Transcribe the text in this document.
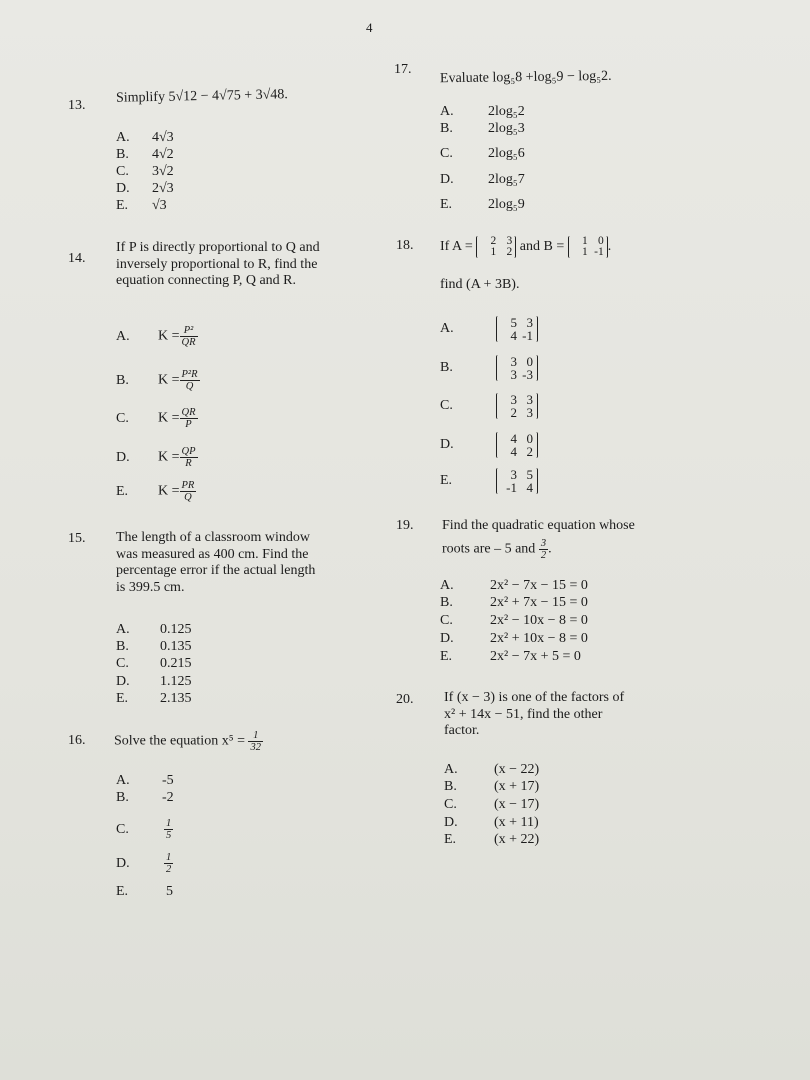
4
13. Simplify 5√12 − 4√75 + 3√48.
A. 4√3
B. 4√2
C. 3√2
D. 2√3
E. √3
14.
If P is directly proportional to Q and
inversely proportional to R, find the
equation connecting P, Q and R.
A. $K = \frac{\text{P²}}{QR}$
B. $K = \frac{\text{P²R}}{Q}$
C. $K = \frac{QR}{P}$
D. $K = \frac{QP}{R}$
E. $K = \frac{PR}{Q}$
15. The length of a classroom window
was measured as 400 cm. Find the
percentage error if the actual length
is 399.5 cm.
A. 0.125
B. 0.135
C. 0.215
D. 1.125
E. 2.135
16. Solve the equation $x^5 = \frac{1}{32}$
A. -5
B. -2
C.	$\frac{1}{5}$
D.	$\frac{1}{2}$
E.	5
17. Evaluate log₅8 +log₅9 − log₅2.
A. 2log₅2
B.	2log₅3
C.	2log₅6
D. 2log₅7
E.	2log₅9
18. If A =	2 3
1 2 and B =	1 0
1 -1 .
find (A + 3B).
A.	5 3
4 -1
B.	3 0
3 -3
C.	3 3
2 3
D.	4 0
4 2
E.	3 5
-1 4
19. Find the quadratic equation whose
roots are – 5 and $\frac{3}{2}$ .
A.	2x² − 7x − 15 = 0
B.	2x² + 7x − 15 = 0
C.	2x² − 10x − 8 = 0
D.	2x² + 10x − 8 = 0
E.	2x² − 7x + 5 = 0
20. If (x − 3) is one of the factors of
x² + 14x − 51, find the other
factor.
A.	(x − 22)
B.	(x + 17)
C.	(x − 17)
D.	(x + 11)
E.	(x + 22)
